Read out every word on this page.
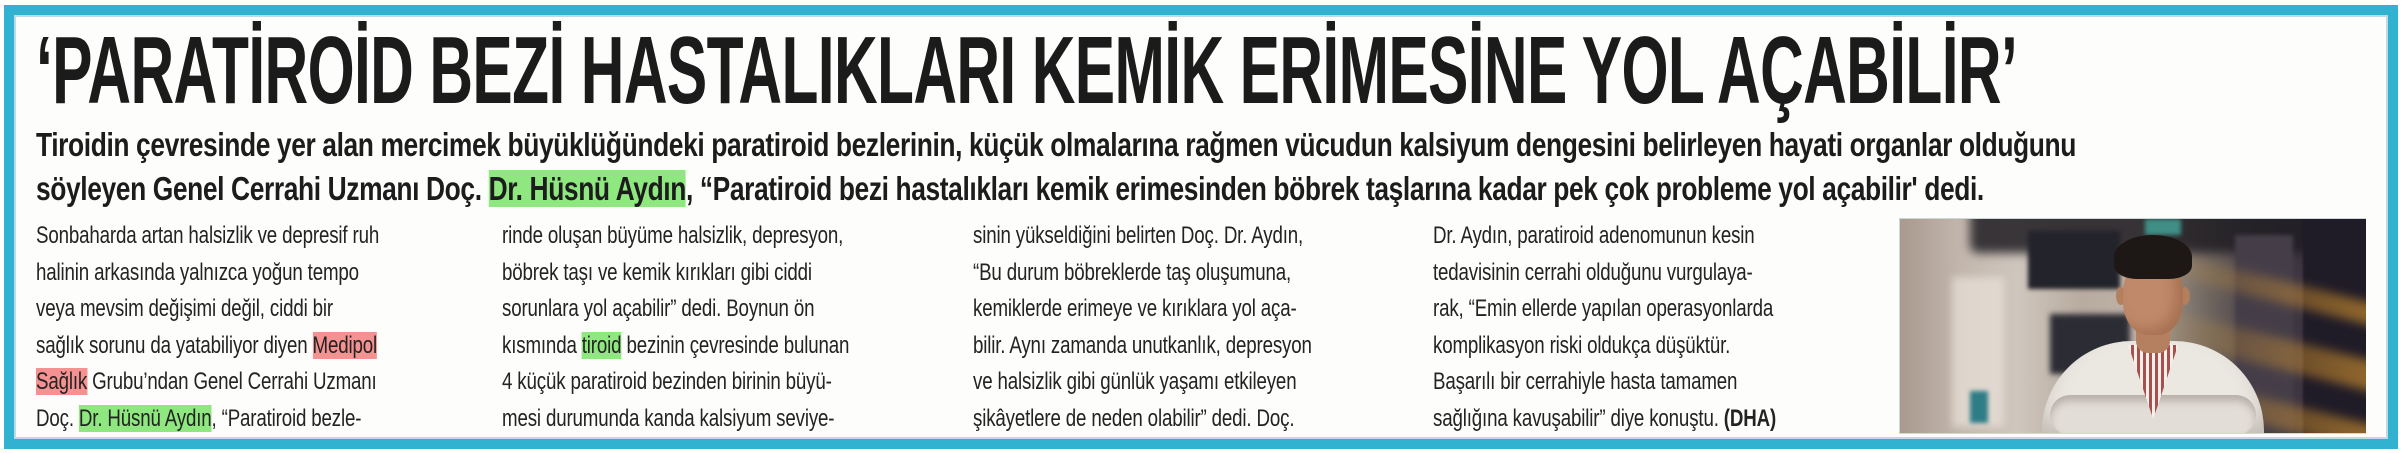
‘PARATİROİD BEZİ HASTALIKLARI KEMİK ERİMESİNE YOL AÇABİLİR’
Tiroidin çevresinde yer alan mercimek büyüklüğündeki paratiroid bezlerinin, küçük olmalarına rağmen vücudun kalsiyum dengesini belirleyen hayati organlar olduğunu
söyleyen Genel Cerrahi Uzmanı Doç. Dr. Hüsnü Aydın, “Paratiroid bezi hastalıkları kemik erimesinden böbrek taşlarına kadar pek çok probleme yol açabilir' dedi.
Sonbaharda artan halsizlik ve depresif ruh
halinin arkasında yalnızca yoğun tempo
veya mevsim değişimi değil, ciddi bir
sağlık sorunu da yatabiliyor diyen Medipol
Sağlık Grubu’ndan Genel Cerrahi Uzmanı
Doç. Dr. Hüsnü Aydın, “Paratiroid bezle-
rinde oluşan büyüme halsizlik, depresyon,
böbrek taşı ve kemik kırıkları gibi ciddi
sorunlara yol açabilir” dedi. Boynun ön
kısmında tiroid bezinin çevresinde bulunan
4 küçük paratiroid bezinden birinin büyü-
mesi durumunda kanda kalsiyum seviye-
sinin yükseldiğini belirten Doç. Dr. Aydın,
“Bu durum böbreklerde taş oluşumuna,
kemiklerde erimeye ve kırıklara yol aça-
bilir. Aynı zamanda unutkanlık, depresyon
ve halsizlik gibi günlük yaşamı etkileyen
şikâyetlere de neden olabilir” dedi. Doç.
Dr. Aydın, paratiroid adenomunun kesin
tedavisinin cerrahi olduğunu vurgulaya-
rak, “Emin ellerde yapılan operasyonlarda
komplikasyon riski oldukça düşüktür.
Başarılı bir cerrahiyle hasta tamamen
sağlığına kavuşabilir” diye konuştu. (DHA)
